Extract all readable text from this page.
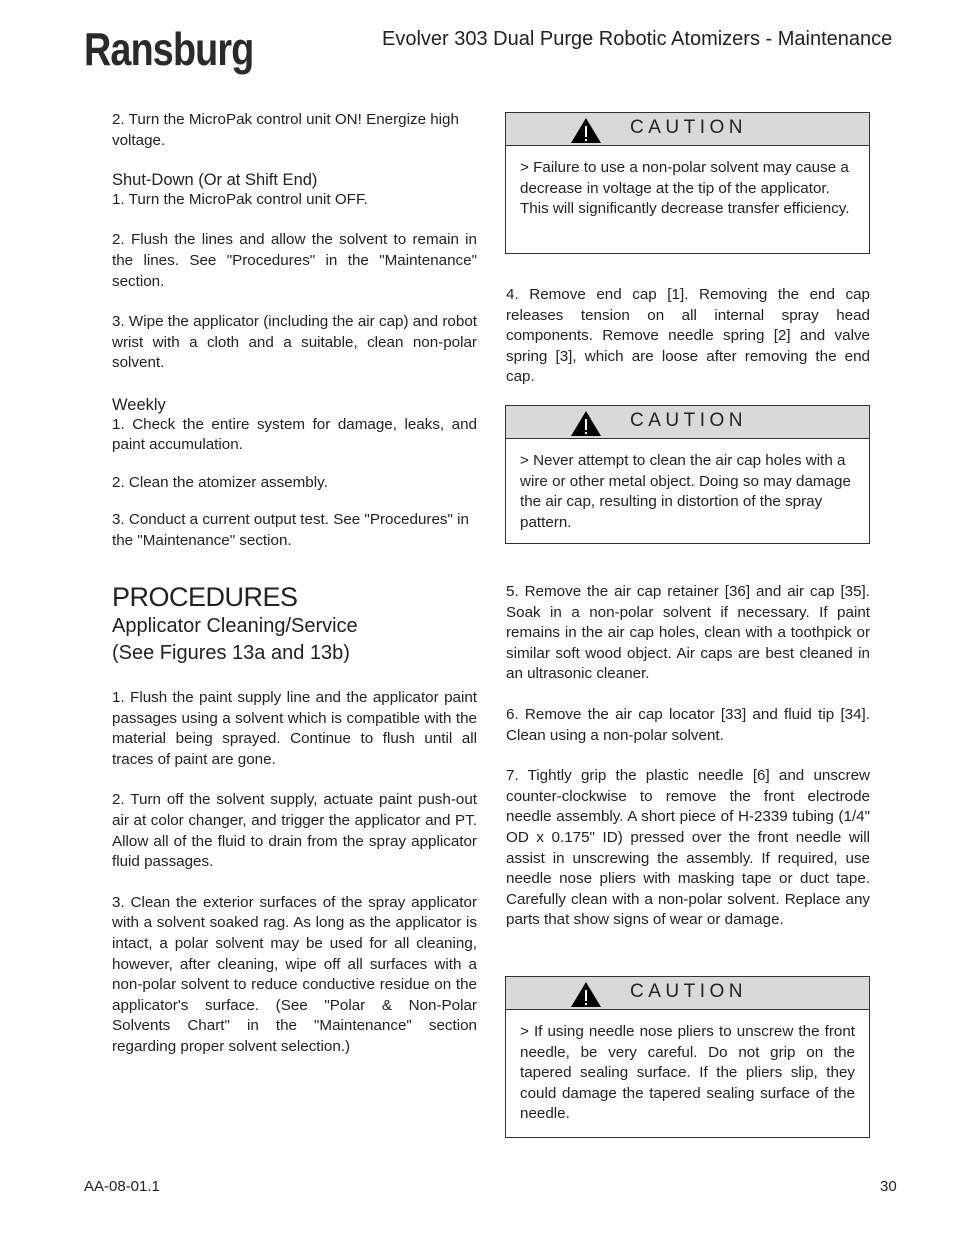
Ransburg	Evolver 303 Dual Purge Robotic Atomizers - Maintenance

2. Turn the MicroPak control unit ON! Energize high voltage.

Shut-Down (Or at Shift End)

1. Turn the MicroPak control unit OFF.

2. Flush the lines and allow the solvent to remain in the lines. See "Procedures" in the "Maintenance" section.

3. Wipe the applicator (including the air cap) and robot wrist with a cloth and a suitable, clean non-polar solvent.

Weekly

1. Check the entire system for damage, leaks, and paint accumulation.

2. Clean the atomizer assembly.

3. Conduct a current output test. See "Procedures" in the "Maintenance" section.

PROCEDURES

Applicator Cleaning/Service

(See Figures 13a and 13b)

1. Flush the paint supply line and the applicator paint passages using a solvent which is compatible with the material being sprayed. Continue to flush until all traces of paint are gone.

2. Turn off the solvent supply, actuate paint push-out air at color changer, and trigger the applicator and PT. Allow all of the fluid to drain from the spray applicator fluid passages.

3. Clean the exterior surfaces of the spray applicator with a solvent soaked rag. As long as the applicator is intact, a polar solvent may be used for all cleaning, however, after cleaning, wipe off all surfaces with a non-polar solvent to reduce conductive residue on the applicator's surface. (See "Polar & Non-Polar Solvents Chart" in the "Maintenance" section regarding proper solvent selection.)

CAUTION
> Failure to use a non-polar solvent may cause a decrease in voltage at the tip of the applicator. This will significantly decrease transfer efficiency.

4. Remove end cap [1]. Removing the end cap releases tension on all internal spray head components. Remove needle spring [2] and valve spring [3], which are loose after removing the end cap.

CAUTION
> Never attempt to clean the air cap holes with a wire or other metal object. Doing so may damage the air cap, resulting in distortion of the spray pattern.

5. Remove the air cap retainer [36] and air cap [35]. Soak in a non-polar solvent if necessary. If paint remains in the air cap holes, clean with a toothpick or similar soft wood object. Air caps are best cleaned in an ultrasonic cleaner.

6. Remove the air cap locator [33] and fluid tip [34]. Clean using a non-polar solvent.

7. Tightly grip the plastic needle [6] and unscrew counter-clockwise to remove the front electrode needle assembly. A short piece of H-2339 tubing (1/4" OD x 0.175" ID) pressed over the front needle will assist in unscrewing the assembly. If required, use needle nose pliers with masking tape or duct tape. Carefully clean with a non-polar solvent. Replace any parts that show signs of wear or damage.

CAUTION
> If using needle nose pliers to unscrew the front needle, be very careful. Do not grip on the tapered sealing surface. If the pliers slip, they could damage the tapered sealing surface of the needle.
AA-08-01.1	30
